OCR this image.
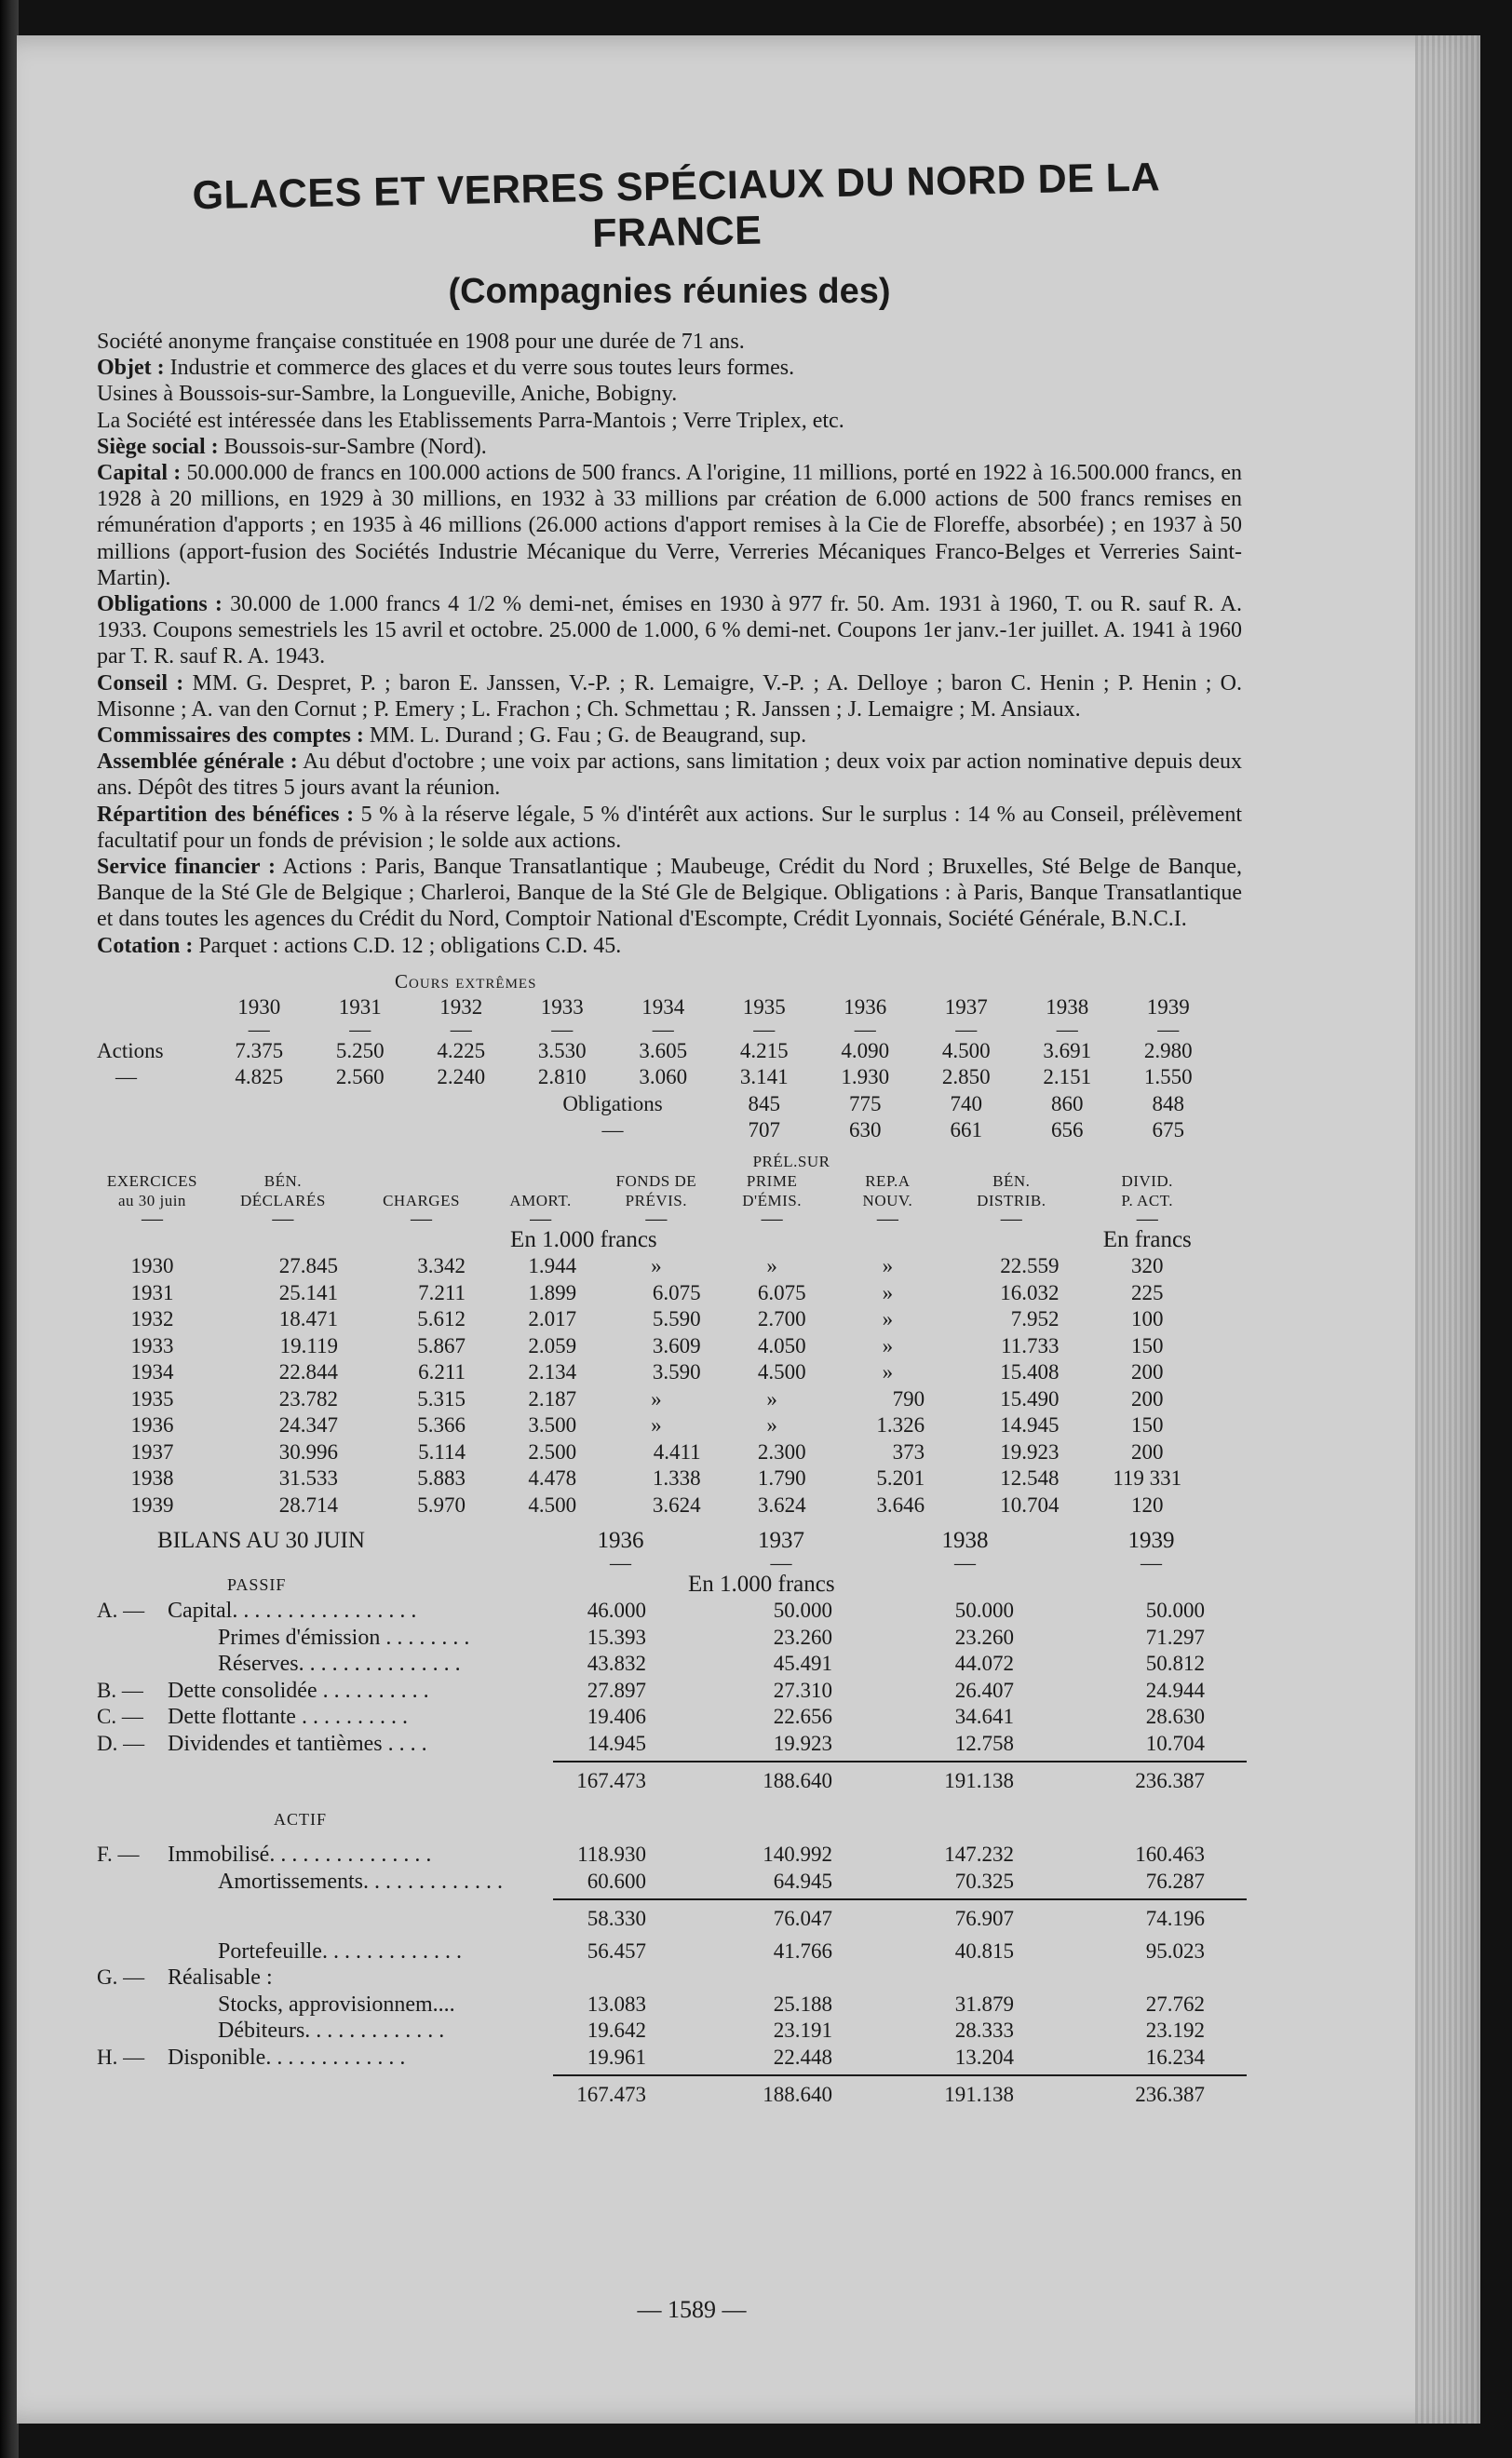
GLACES ET VERRES SPÉCIAUX DU NORD DE LA FRANCE
(Compagnies réunies des)

Société anonyme française constituée en 1908 pour une durée de 71 ans.

Objet : Industrie et commerce des glaces et du verre sous toutes leurs formes.

Usines à Boussois-sur-Sambre, la Longueville, Aniche, Bobigny.

La Société est intéressée dans les Etablissements Parra-Mantois ; Verre Triplex, etc.

Siège social : Boussois-sur-Sambre (Nord).

Capital : 50.000.000 de francs en 100.000 actions de 500 francs. A l'origine, 11 millions, porté en 1922 à 16.500.000 francs, en 1928 à 20 millions, en 1929 à 30 millions, en 1932 à 33 millions par création de 6.000 actions de 500 francs remises en rémunération d'apports ; en 1935 à 46 millions (26.000 actions d'apport remises à la Cie de Floreffe, absorbée) ; en 1937 à 50 millions (apport-fusion des Sociétés Industrie Mécanique du Verre, Verreries Mécaniques Franco-Belges et Verreries Saint-Martin).

Obligations : 30.000 de 1.000 francs 4 1/2 % demi-net, émises en 1930 à 977 fr. 50. Am. 1931 à 1960, T. ou R. sauf R. A. 1933. Coupons semestriels les 15 avril et octobre. 25.000 de 1.000, 6 % demi-net. Coupons 1er janv.-1er juillet. A. 1941 à 1960 par T. R. sauf R. A. 1943.

Conseil : MM. G. Despret, P. ; baron E. Janssen, V.-P. ; R. Lemaigre, V.-P. ; A. Delloye ; baron C. Henin ; P. Henin ; O. Misonne ; A. van den Cornut ; P. Emery ; L. Frachon ; Ch. Schmettau ; R. Janssen ; J. Lemaigre ; M. Ansiaux.

Commissaires des comptes : MM. L. Durand ; G. Fau ; G. de Beaugrand, sup.

Assemblée générale : Au début d'octobre ; une voix par actions, sans limitation ; deux voix par action nominative depuis deux ans. Dépôt des titres 5 jours avant la réunion.

Répartition des bénéfices : 5 % à la réserve légale, 5 % d'intérêt aux actions. Sur le surplus : 14 % au Conseil, prélèvement facultatif pour un fonds de prévision ; le solde aux actions.

Service financier : Actions : Paris, Banque Transatlantique ; Maubeuge, Crédit du Nord ; Bruxelles, Sté Belge de Banque, Banque de la Sté Gle de Belgique ; Charleroi, Banque de la Sté Gle de Belgique. Obligations : à Paris, Banque Transatlantique et dans toutes les agences du Crédit du Nord, Comptoir National d'Escompte, Crédit Lyonnais, Société Générale, B.N.C.I.

Cotation : Parquet : actions C.D. 12 ; obligations C.D. 45.

	Cours extrêmes									
	1930	1931	1932	1933	1934	1935	1936	1937	1938	1939
	—	—	—	—	—	—	—	—	—	—
Actions	7.375	5.250	4.225	3.530	3.605	4.215	4.090	4.500	3.691	2.980
—	4.825	2.560	2.240	2.810	3.060	3.141	1.930	2.850	2.151	1.550
				Obligations		845	775	740	860	848
				—		707	630	661	656	675
					PRÉL.SUR			
EXERCICES	BÉN.			FONDS DE	PRIME	REP.A	BÉN.	DIVID.
au 30 juin	DÉCLARÉS	CHARGES	AMORT.	PRÉVIS.	D'ÉMIS.	NOUV.	DISTRIB.	P. ACT.
—	—	—	—	—	—	—	—	—
			En 1.000 francs					En francs
1930	27.845	3.342	1.944	»	»	»	22.559	320
1931	25.141	7.211	1.899	6.075	6.075	»	16.032	225
1932	18.471	5.612	2.017	5.590	2.700	»	7.952	100
1933	19.119	5.867	2.059	3.609	4.050	»	11.733	150
1934	22.844	6.211	2.134	3.590	4.500	»	15.408	200
1935	23.782	5.315	2.187	»	»	790	15.490	200
1936	24.347	5.366	3.500	»	»	1.326	14.945	150
1937	30.996	5.114	2.500	4.411	2.300	373	19.923	200
1938	31.533	5.883	4.478	1.338	1.790	5.201	12.548	119 331
1939	28.714	5.970	4.500	3.624	3.624	3.646	10.704	120
BILANS AU 30 JUIN		1936	1937	1938	1939
		—	—	—	—
PASSIF		En 1.000 francs			
A. —	Capital. . . . . . . . . . . . . . . . .	46.000	50.000	50.000	50.000
	Primes d'émission . . . . . . . .	15.393	23.260	23.260	71.297
	Réserves. . . . . . . . . . . . . . .	43.832	45.491	44.072	50.812
B. —	Dette consolidée . . . . . . . . . .	27.897	27.310	26.407	24.944
C. —	Dette flottante . . . . . . . . . .	19.406	22.656	34.641	28.630
D. —	Dividendes et tantièmes . . . .	14.945	19.923	12.758	10.704

		167.473	188.640	191.138	236.387
ACTIF					

F. —	Immobilisé. . . . . . . . . . . . . . .	118.930	140.992	147.232	160.463
	Amortissements. . . . . . . . . . . . .	60.600	64.945	70.325	76.287

		58.330	76.047	76.907	74.196
	Portefeuille. . . . . . . . . . . . .	56.457	41.766	40.815	95.023
G. —	Réalisable :				
	Stocks, approvisionnem....	13.083	25.188	31.879	27.762
	Débiteurs. . . . . . . . . . . . .	19.642	23.191	28.333	23.192
H. —	Disponible. . . . . . . . . . . . .	19.961	22.448	13.204	16.234

		167.473	188.640	191.138	236.387
— 1589 —
